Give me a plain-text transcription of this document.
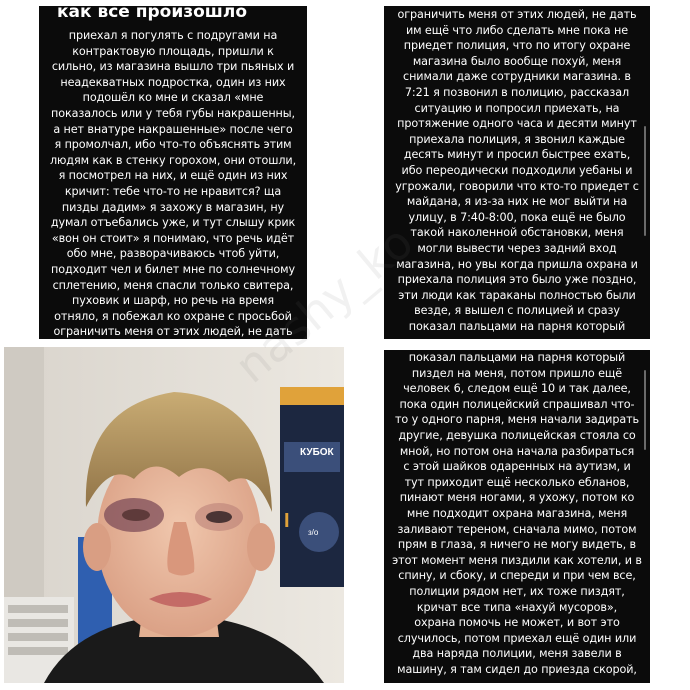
как все произошло

приехал я погулять с подругами на
контрактовую площадь, пришли к
сильно, из магазина вышло три пьяных и
неадекватных подростка, один из них
подошёл ко мне и сказал «мне
показалось или у тебя губы накрашенны,
а нет внатуре накрашенные» после чего
я промолчал, ибо что-то объяснять этим
людям как в стенку горохом, они отошли,
я посмотрел на них, и ещё один из них
кричит: тебе что-то не нравится? ща
пизды дадим» я захожу в магазин, ну
думал отъебались уже, и тут слышу крик
«вон он стоит» я понимаю, что речь идёт
обо мне, разворачиваюсь чтоб уйти,
подходит чел и билет мне по солнечному
сплетению, меня спасли только свитера,
пуховик и шарф, но речь на время
отняло, я побежал ко охране с просьбой
ограничить меня от этих людей, не дать

ограничить меня от этих людей, не дать
им ещё что либо сделать мне пока не
приедет полиция, что по итогу охране
магазина было вообще похуй, меня
снимали даже сотрудники магазина. в
7:21 я позвонил в полицию, рассказал
ситуацию и попросил приехать, на
протяжение одного часа и десяти минут
приехала полиция, я звонил каждые
десять минут и просил быстрее ехать,
ибо переодически подходили уебаны и
угрожали, говорили что кто-то приедет с
майдана, я из-за них не мог выйти на
улицу, в 7:40-8:00, пока ещё не было
такой наколенной обстановки, меня
могли вывести через задний вход
магазина, но увы когда пришла охрана и
приехала полиция это было уже поздно,
эти люди как тараканы полностью были
везде, я вышел с полицией и сразу
показал пальцами на парня который

показал пальцами на парня который
пиздел на меня, потом пришло ещё
человек 6, следом ещё 10 и так далее,
пока один полицейский спрашивал что-
то у одного парня, меня начали задирать
другие, девушка полицейская стояла со
мной, но потом она начала разбираться
с этой шайков одаренных на аутизм, и
тут приходит ещё несколько ебланов,
пинают меня ногами, я ухожу, потом ко
мне подходит охрана магазина, меня
заливают тереном, сначала мимо, потом
прям в глаза, я ничего не могу видеть, в
этот момент меня пиздили как хотели, и в
спину, и сбоку, и спереди и при чем все,
полиции рядом нет, их тоже пиздят,
кричат все типа «нахуй мусоров»,
охрана помочь не может, и вот это
случилось, потом приехал ещё один или
два наряда полиции, меня завели в
машину, я там сидел до приезда скорой,

КУБОК
I
з/о
nashy_ko
